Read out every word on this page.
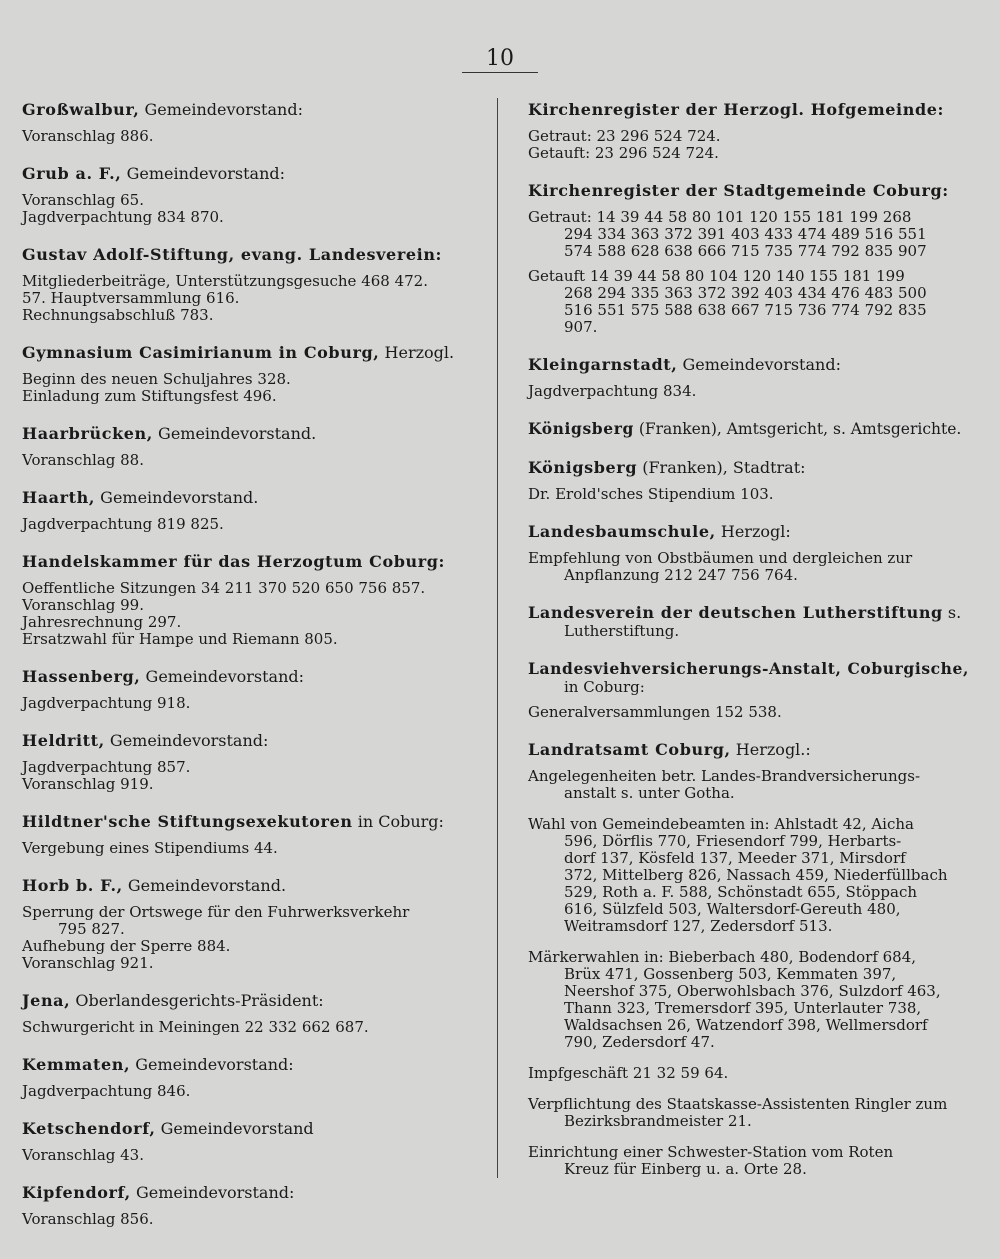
10
Großwalbur, Gemeindevorstand:
Voranschlag 886.
Grub a. F., Gemeindevorstand:
Voranschlag 65.
Jagdverpachtung 834 870.
Gustav Adolf-Stiftung, evang. Landesverein:
Mitgliederbeiträge, Unterstützungsgesuche 468 472.
57. Hauptversammlung 616.
Rechnungsabschluß 783.
Gymnasium Casimirianum in Coburg, Herzogl.
Beginn des neuen Schuljahres 328.
Einladung zum Stiftungsfest 496.
Haarbrücken, Gemeindevorstand.
Voranschlag 88.
Haarth, Gemeindevorstand.
Jagdverpachtung 819 825.
Handelskammer für das Herzogtum Coburg:
Oeffentliche Sitzungen 34 211 370 520 650 756 857.
Voranschlag 99.
Jahresrechnung 297.
Ersatzwahl für Hampe und Riemann 805.
Hassenberg, Gemeindevorstand:
Jagdverpachtung 918.
Heldritt, Gemeindevorstand:
Jagdverpachtung 857.
Voranschlag 919.
Hildtner'sche Stiftungsexekutoren in Coburg:
Vergebung eines Stipendiums 44.
Horb b. F., Gemeindevorstand.
Sperrung der Ortswege für den Fuhrwerksverkehr
795 827.
Aufhebung der Sperre 884.
Voranschlag 921.
Jena, Oberlandesgerichts-Präsident:
Schwurgericht in Meiningen 22 332 662 687.
Kemmaten, Gemeindevorstand:
Jagdverpachtung 846.
Ketschendorf, Gemeindevorstand
Voranschlag 43.
Kipfendorf, Gemeindevorstand:
Voranschlag 856.
Kirchenregister der Herzogl. Hofgemeinde:
Getraut: 23 296 524 724.
Getauft: 23 296 524 724.
Kirchenregister der Stadtgemeinde Coburg:
Getraut: 14 39 44 58 80 101 120 155 181 199 268
294 334 363 372 391 403 433 474 489 516 551
574 588 628 638 666 715 735 774 792 835 907
Getauft 14 39 44 58 80 104 120 140 155 181 199
268 294 335 363 372 392 403 434 476 483 500
516 551 575 588 638 667 715 736 774 792 835
907.
Kleingarnstadt, Gemeindevorstand:
Jagdverpachtung 834.
Königsberg (Franken), Amtsgericht, s. Amtsgerichte.
Königsberg (Franken), Stadtrat:
Dr. Erold'sches Stipendium 103.
Landesbaumschule, Herzogl:
Empfehlung von Obstbäumen und dergleichen zur
Anpflanzung 212 247 756 764.
Landesverein der deutschen Lutherstiftung s.
Lutherstiftung.
Landesviehversicherungs-Anstalt, Coburgische,
in Coburg:
Generalversammlungen 152 538.
Landratsamt Coburg, Herzogl.:
Angelegenheiten betr. Landes-Brandversicherungs-
anstalt s. unter Gotha.
Wahl von Gemeindebeamten in: Ahlstadt 42, Aicha
596, Dörflis 770, Friesendorf 799, Herbarts-
dorf 137, Kösfeld 137, Meeder 371, Mirsdorf
372, Mittelberg 826, Nassach 459, Niederfüllbach
529, Roth a. F. 588, Schönstadt 655, Stöppach
616, Sülzfeld 503, Waltersdorf-Gereuth 480,
Weitramsdorf 127, Zedersdorf 513.
Märkerwahlen in: Bieberbach 480, Bodendorf 684,
Brüx 471, Gossenberg 503, Kemmaten 397,
Neershof 375, Oberwohlsbach 376, Sulzdorf 463,
Thann 323, Tremersdorf 395, Unterlauter 738,
Waldsachsen 26, Watzendorf 398, Wellmersdorf
790, Zedersdorf 47.
Impfgeschäft 21 32 59 64.
Verpflichtung des Staatskasse-Assistenten Ringler zum
Bezirksbrandmeister 21.
Einrichtung einer Schwester-Station vom Roten
Kreuz für Einberg u. a. Orte 28.
